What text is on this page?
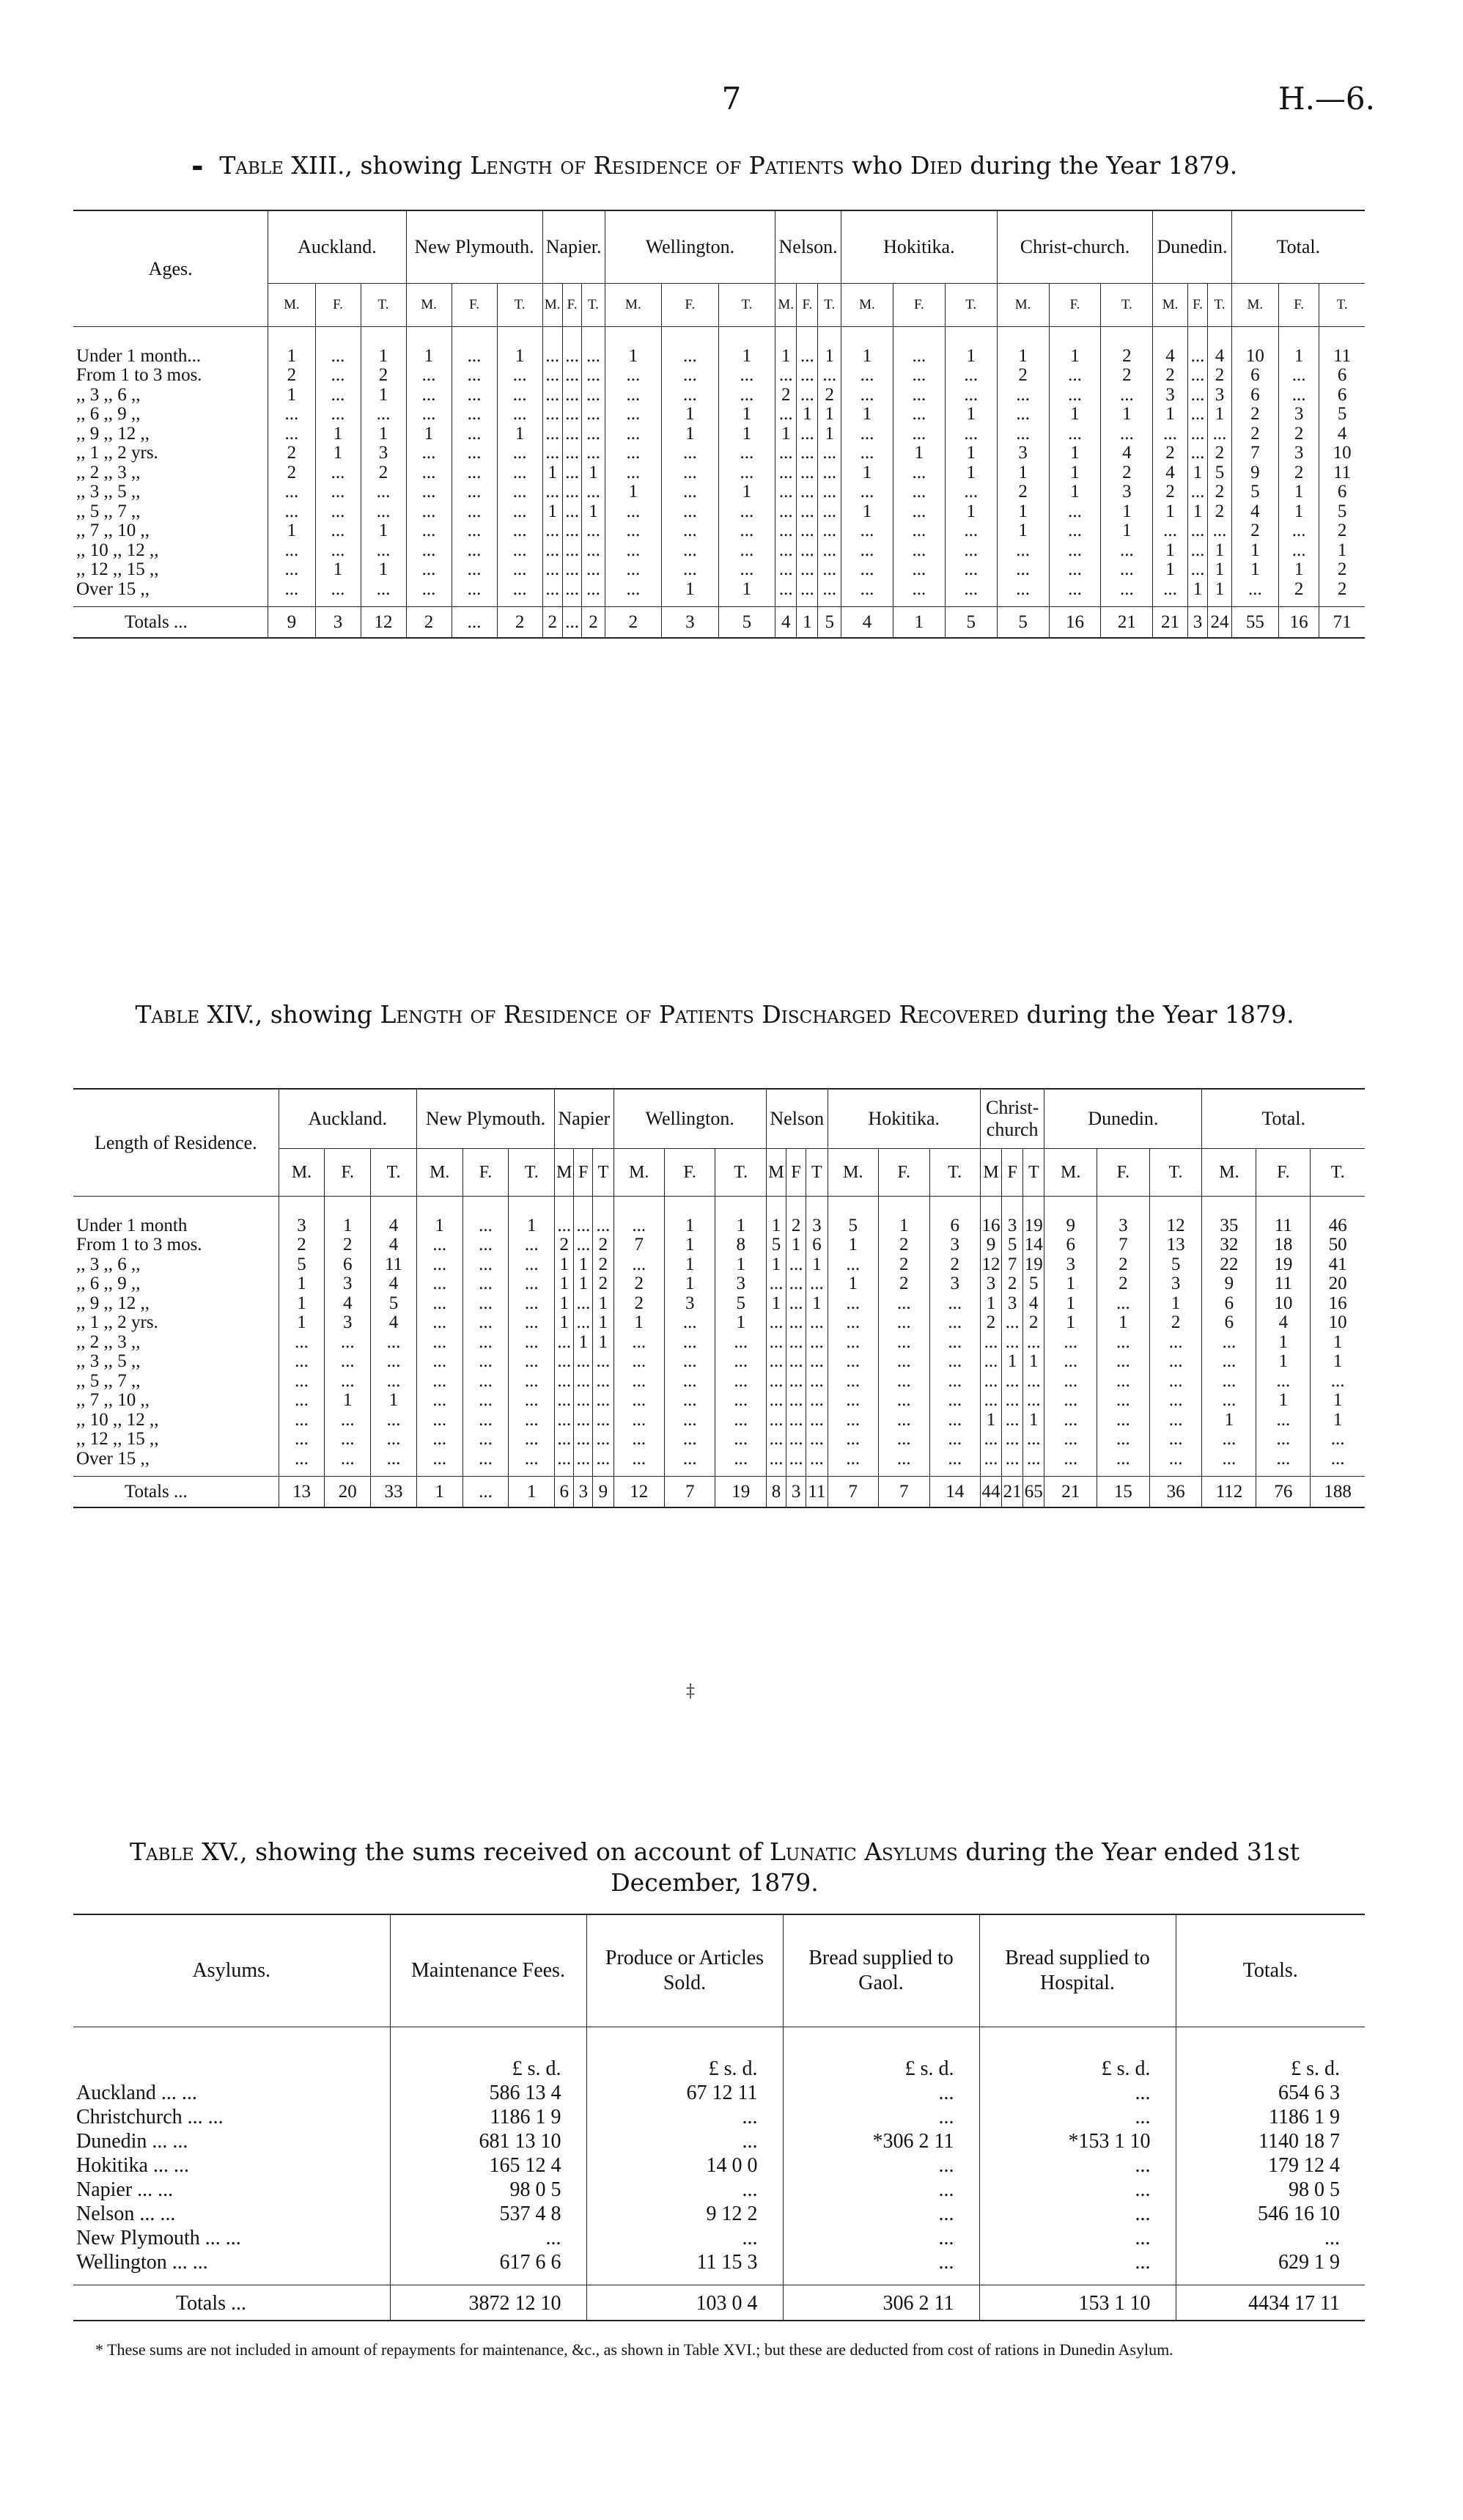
7	H.—6.
▬ Table XIII., showing Length of Residence of Patients who Died during the Year 1879.
Ages.	Auckland.			New Plymouth.			Napier.			Wellington.			Nelson.			Hokitika.			Christ-church.			Dunedin.			Total.		
	M.	F.	T.	M.	F.	T.	M.	F.	T.	M.	F.	T.	M.	F.	T.	M.	F.	T.	M.	F.	T.	M.	F.	T.	M.	F.	T.

Under 1 month...	1	...	1	1	...	1	...	...	...	1	...	1	1	...	1	1	...	1	1	1	2	4	...	4	10	1	11
From 1 to 3 mos.	2	...	2	...	...	...	...	...	...	...	...	...	...	...	...	...	...	...	2	...	2	2	...	2	6	...	6
,, 3 ,, 6 ,,	1	...	1	...	...	...	...	...	...	...	...	...	2	...	2	...	...	...	...	...	...	3	...	3	6	...	6
,, 6 ,, 9 ,,	...	...	...	...	...	...	...	...	...	...	1	1	...	1	1	1	...	1	...	1	1	1	...	1	2	3	5
,, 9 ,, 12 ,,	...	1	1	1	...	1	...	...	...	...	1	1	1	...	1	...	...	...	...	...	...	...	...	...	2	2	4
,, 1 ,, 2 yrs.	2	1	3	...	...	...	...	...	...	...	...	...	...	...	...	...	1	1	3	1	4	2	...	2	7	3	10
,, 2 ,, 3 ,,	2	...	2	...	...	...	1	...	1	...	...	...	...	...	...	1	...	1	1	1	2	4	1	5	9	2	11
,, 3 ,, 5 ,,	...	...	...	...	...	...	...	...	...	1	...	1	...	...	...	...	...	...	2	1	3	2	...	2	5	1	6
,, 5 ,, 7 ,,	...	...	...	...	...	...	1	...	1	...	...	...	...	...	...	1	...	1	1	...	1	1	1	2	4	1	5
,, 7 ,, 10 ,,	1	...	1	...	...	...	...	...	...	...	...	...	...	...	...	...	...	...	1	...	1	...	...	...	2	...	2
,, 10 ,, 12 ,,	...	...	...	...	...	...	...	...	...	...	...	...	...	...	...	...	...	...	...	...	...	1	...	1	1	...	1
,, 12 ,, 15 ,,	...	1	1	...	...	...	...	...	...	...	...	...	...	...	...	...	...	...	...	...	...	1	...	1	1	1	2
Over 15 ,,	...	...	...	...	...	...	...	...	...	...	1	1	...	...	...	...	...	...	...	...	...	...	1	1	...	2	2

Totals ...	9	3	12	2	...	2	2	...	2	2	3	5	4	1	5	4	1	5	5	16	21	21	3	24	55	16	71
Table XIV., showing Length of Residence of Patients Discharged Recovered during the Year 1879.
Length of Residence.	Auckland.			New Plymouth.			Napier			Wellington.			Nelson			Hokitika.			Christ-church			Dunedin.			Total.		
	M.	F.	T.	M.	F.	T.	M	F	T	M.	F.	T.	M	F	T	M.	F.	T.	M	F	T	M.	F.	T.	M.	F.	T.

Under 1 month	3	1	4	1	...	1	...	...	...	...	1	1	1	2	3	5	1	6	16	3	19	9	3	12	35	11	46
From 1 to 3 mos.	2	2	4	...	...	...	2	...	2	7	1	8	5	1	6	1	2	3	9	5	14	6	7	13	32	18	50
,, 3 ,, 6 ,,	5	6	11	...	...	...	1	1	2	...	1	1	1	...	1	...	2	2	12	7	19	3	2	5	22	19	41
,, 6 ,, 9 ,,	1	3	4	...	...	...	1	1	2	2	1	3	...	...	...	1	2	3	3	2	5	1	2	3	9	11	20
,, 9 ,, 12 ,,	1	4	5	...	...	...	1	...	1	2	3	5	1	...	1	...	...	...	1	3	4	1	...	1	6	10	16
,, 1 ,, 2 yrs.	1	3	4	...	...	...	1	...	1	1	...	1	...	...	...	...	...	...	2	...	2	1	1	2	6	4	10
,, 2 ,, 3 ,,	...	...	...	...	...	...	...	1	1	...	...	...	...	...	...	...	...	...	...	...	...	...	...	...	...	1	1
,, 3 ,, 5 ,,	...	...	...	...	...	...	...	...	...	...	...	...	...	...	...	...	...	...	...	1	1	...	...	...	...	1	1
,, 5 ,, 7 ,,	...	...	...	...	...	...	...	...	...	...	...	...	...	...	...	...	...	...	...	...	...	...	...	...	...	...	...
,, 7 ,, 10 ,,	...	1	1	...	...	...	...	...	...	...	...	...	...	...	...	...	...	...	...	...	...	...	...	...	...	1	1
,, 10 ,, 12 ,,	...	...	...	...	...	...	...	...	...	...	...	...	...	...	...	...	...	...	1	...	1	...	...	...	1	...	1
,, 12 ,, 15 ,,	...	...	...	...	...	...	...	...	...	...	...	...	...	...	...	...	...	...	...	...	...	...	...	...	...	...	...
Over 15 ,,	...	...	...	...	...	...	...	...	...	...	...	...	...	...	...	...	...	...	...	...	...	...	...	...	...	...	...

Totals ...	13	20	33	1	...	1	6	3	9	12	7	19	8	3	11	7	7	14	44	21	65	21	15	36	112	76	188
‡
Table XV., showing the sums received on account of Lunatic Asylums during the Year ended 31st December, 1879.
Asylums.	Maintenance Fees.	Produce or Articles Sold.	Bread supplied to Gaol.	Bread supplied to Hospital.	Totals.

	£ s. d.	£ s. d.	£ s. d.	£ s. d.	£ s. d.
Auckland ... ...	586 13 4	67 12 11	...	...	654 6 3
Christchurch ... ...	1186 1 9	...	...	...	1186 1 9
Dunedin ... ...	681 13 10	...	*306 2 11	*153 1 10	1140 18 7
Hokitika ... ...	165 12 4	14 0 0	...	...	179 12 4
Napier ... ...	98 0 5	...	...	...	98 0 5
Nelson ... ...	537 4 8	9 12 2	...	...	546 16 10
New Plymouth ... ...	...	...	...	...	...
Wellington ... ...	617 6 6	11 15 3	...	...	629 1 9

Totals ...	3872 12 10	103 0 4	306 2 11	153 1 10	4434 17 11
* These sums are not included in amount of repayments for maintenance, &c., as shown in Table XVI.; but these are deducted from cost of rations in Dunedin Asylum.
